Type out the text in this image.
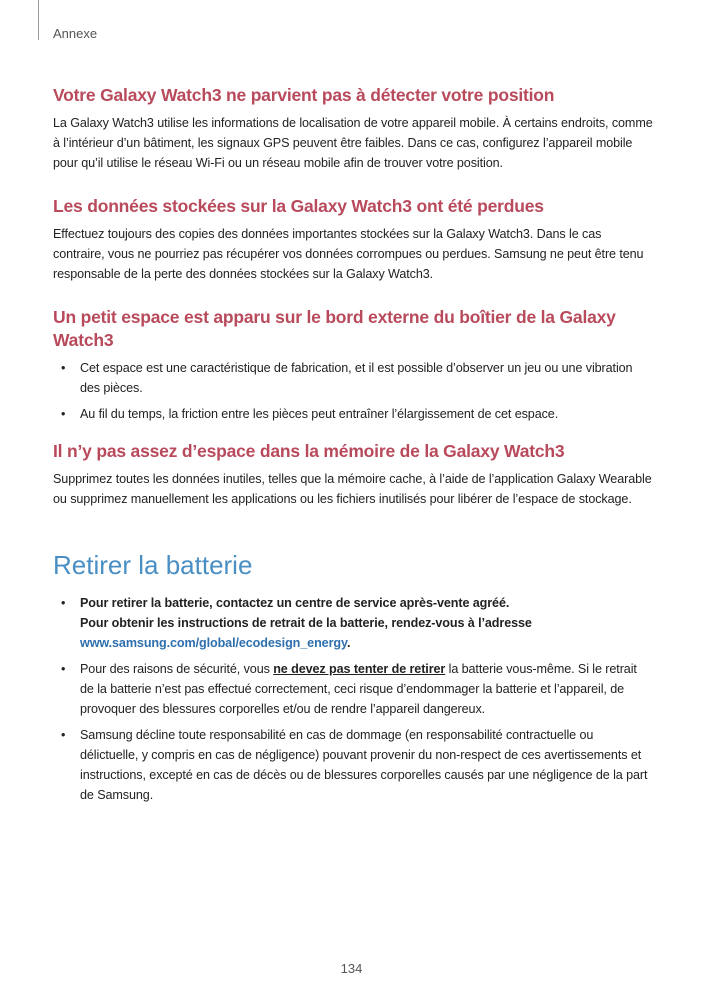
Annexe
Votre Galaxy Watch3 ne parvient pas à détecter votre position

La Galaxy Watch3 utilise les informations de localisation de votre appareil mobile. À certains endroits, comme à l’intérieur d’un bâtiment, les signaux GPS peuvent être faibles. Dans ce cas, configurez l’appareil mobile pour qu’il utilise le réseau Wi-Fi ou un réseau mobile afin de trouver votre position.

Les données stockées sur la Galaxy Watch3 ont été perdues

Effectuez toujours des copies des données importantes stockées sur la Galaxy Watch3. Dans le cas contraire, vous ne pourriez pas récupérer vos données corrompues ou perdues. Samsung ne peut être tenu responsable de la perte des données stockées sur la Galaxy Watch3.

Un petit espace est apparu sur le bord externe du boîtier de la Galaxy Watch3
• Cet espace est une caractéristique de fabrication, et il est possible d’observer un jeu ou une vibration des pièces.
• Au fil du temps, la friction entre les pièces peut entraîner l’élargissement de cet espace.
Il n’y pas assez d’espace dans la mémoire de la Galaxy Watch3

Supprimez toutes les données inutiles, telles que la mémoire cache, à l’aide de l’application Galaxy Wearable ou supprimez manuellement les applications ou les fichiers inutilisés pour libérer de l’espace de stockage.

Retirer la batterie
• Pour retirer la batterie, contactez un centre de service après-vente agréé.
Pour obtenir les instructions de retrait de la batterie, rendez-vous à l’adresse
www.samsung.com/global/ecodesign_energy.
• Pour des raisons de sécurité, vous ne devez pas tenter de retirer la batterie vous-même. Si le retrait de la batterie n’est pas effectué correctement, ceci risque d’endommager la batterie et l’appareil, de provoquer des blessures corporelles et/ou de rendre l’appareil dangereux.
• Samsung décline toute responsabilité en cas de dommage (en responsabilité contractuelle ou délictuelle, y compris en cas de négligence) pouvant provenir du non-respect de ces avertissements et instructions, excepté en cas de décès ou de blessures corporelles causés par une négligence de la part de Samsung.
134
